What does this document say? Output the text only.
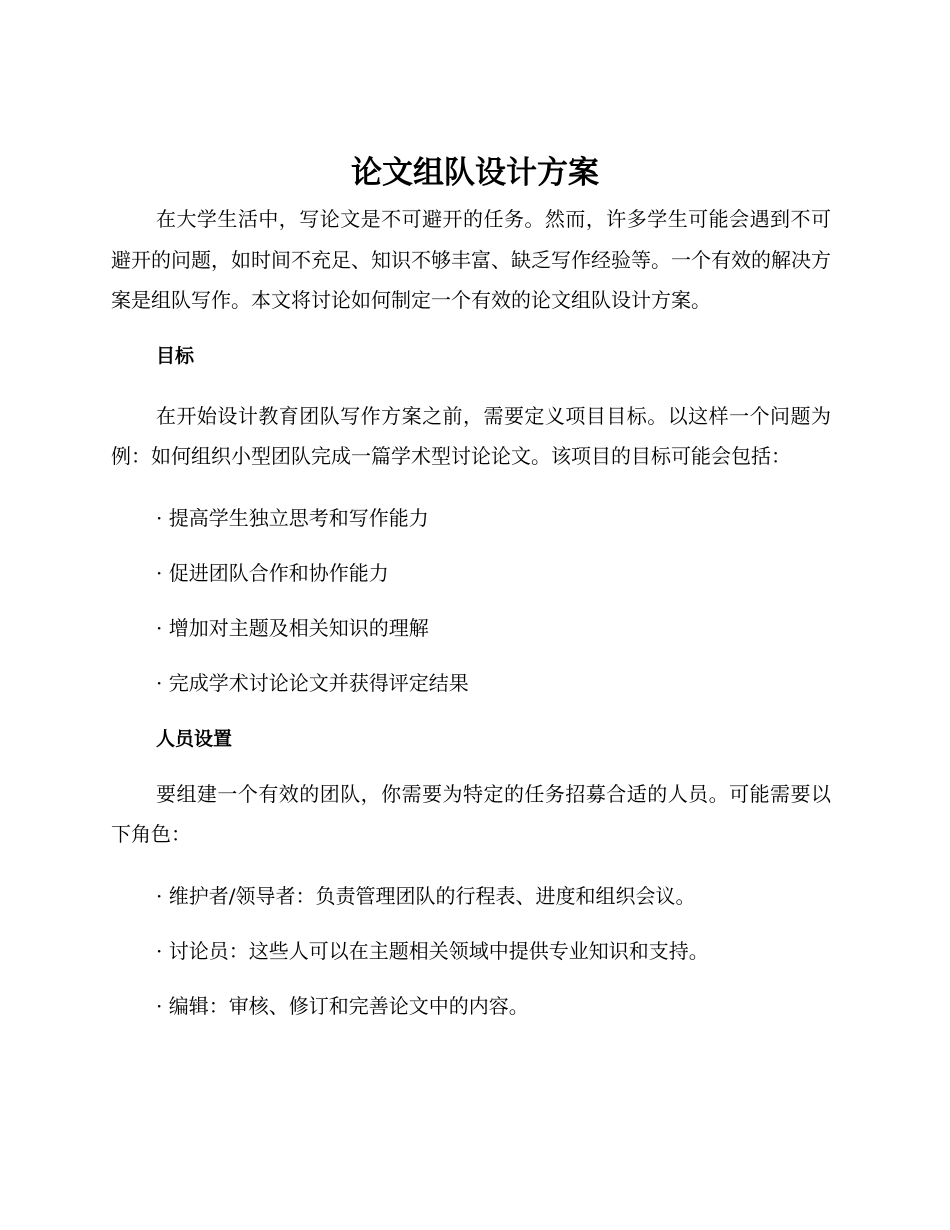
论文组队设计方案

在大学生活中，写论文是不可避开的任务。然而，许多学生可能会遇到不可避开的问题，如时间不充足、知识不够丰富、缺乏写作经验等。一个有效的解决方案是组队写作。本文将讨论如何制定一个有效的论文组队设计方案。

目标

在开始设计教育团队写作方案之前，需要定义项目目标。以这样一个问题为例：如何组织小型团队完成一篇学术型讨论论文。该项目的目标可能会包括：

· 提高学生独立思考和写作能力

· 促进团队合作和协作能力

· 增加对主题及相关知识的理解

· 完成学术讨论论文并获得评定结果

人员设置

要组建一个有效的团队，你需要为特定的任务招募合适的人员。可能需要以下角色：

· 维护者/领导者：负责管理团队的行程表、进度和组织会议。

· 讨论员：这些人可以在主题相关领域中提供专业知识和支持。

· 编辑：审核、修订和完善论文中的内容。
